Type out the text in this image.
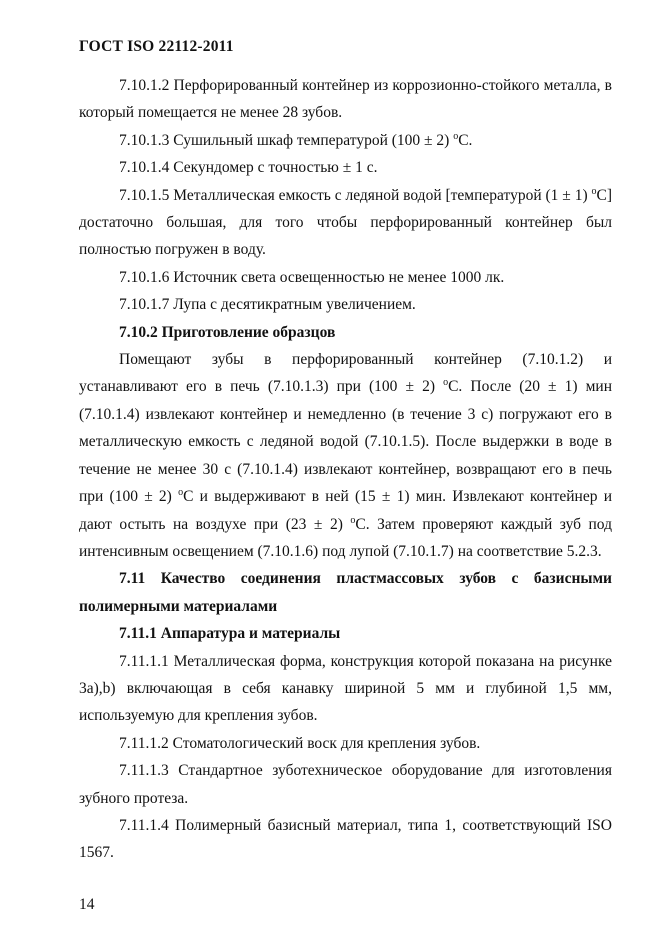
ГОСТ ISO 22112-2011

7.10.1.2 Перфорированный контейнер из коррозионно-стойкого металла, в который помещается не менее 28 зубов.

7.10.1.3 Сушильный шкаф температурой (100 ± 2) $^o$С.

7.10.1.4 Секундомер с точностью ± 1 с.

7.10.1.5 Металлическая емкость с ледяной водой [температурой (1 ± 1) $^o$С] достаточно большая, для того чтобы перфорированный контейнер был полностью погружен в воду.

7.10.1.6 Источник света освещенностью не менее 1000 лк.

7.10.1.7 Лупа с десятикратным увеличением.

7.10.2 Приготовление образцов

Помещают зубы в перфорированный контейнер (7.10.1.2) и устанавливают его в печь (7.10.1.3) при (100 ± 2) $^o$С. После (20 ± 1) мин (7.10.1.4) извлекают контейнер и немедленно (в течение 3 с) погружают его в металлическую емкость с ледяной водой (7.10.1.5). После выдержки в воде в течение не менее 30 с (7.10.1.4) извлекают контейнер, возвращают его в печь при (100 ± 2) $^o$С и выдерживают в ней (15 ± 1) мин. Извлекают контейнер и дают остыть на воздухе при (23 ± 2) $^o$С. Затем проверяют каждый зуб под интенсивным освещением (7.10.1.6) под лупой (7.10.1.7) на соответствие 5.2.3.

7.11 Качество соединения пластмассовых зубов с базисными полимерными материалами

7.11.1 Аппаратура и материалы

7.11.1.1 Металлическая форма, конструкция которой показана на рисунке 3а),b) включающая в себя канавку шириной 5 мм и глубиной 1,5 мм, используемую для крепления зубов.

7.11.1.2 Стоматологический воск для крепления зубов.

7.11.1.3 Стандартное зуботехническое оборудование для изготовления зубного протеза.

7.11.1.4 Полимерный базисный материал, типа 1, соответствующий ISO 1567.

14
